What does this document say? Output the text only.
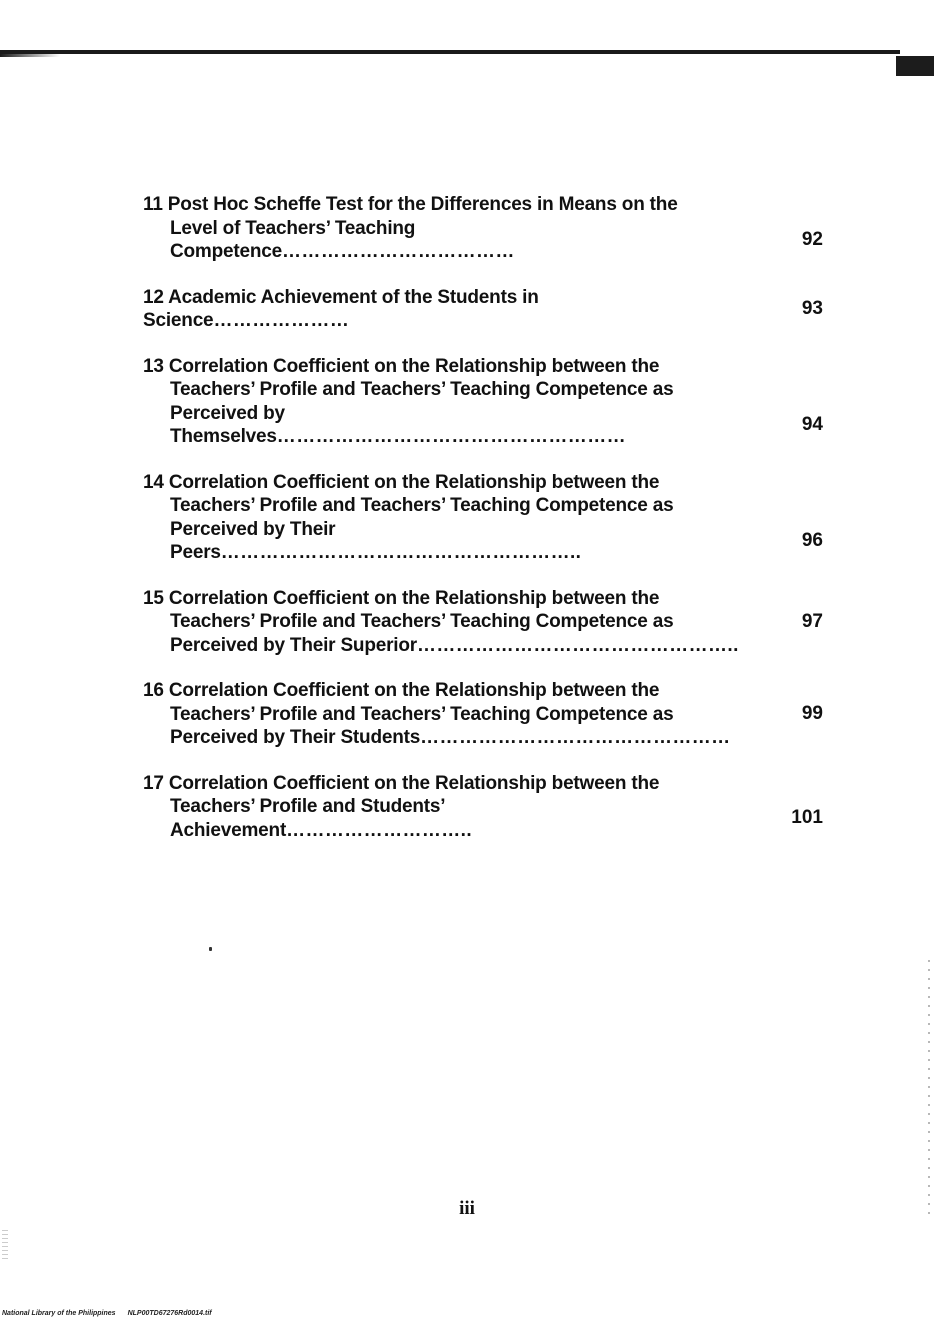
11 Post Hoc Scheffe Test for the Differences in Means on the
Level of Teachers’ Teaching Competence………………………………
92
12 Academic Achievement of the Students in Science…………………
93
13 Correlation Coefficient on the Relationship between the
Teachers’ Profile and Teachers’ Teaching Competence as
Perceived by Themselves………………………………………………
94
14 Correlation Coefficient on the Relationship between the
Teachers’ Profile and Teachers’ Teaching Competence as
Perceived by Their Peers………………………………………………..
96
15 Correlation Coefficient on the Relationship between the
Teachers’ Profile and Teachers’ Teaching Competence as
Perceived by Their Superior…………………………………………..
97
16 Correlation Coefficient on the Relationship between the
Teachers’ Profile and Teachers’ Teaching Competence as
Perceived by Their Students…………………………………………
99
17 Correlation Coefficient on the Relationship between the
Teachers’ Profile and Students’ Achievement………………………..
101
iii
National Library of the Philippines NLP00TD67276Rd0014.tif
